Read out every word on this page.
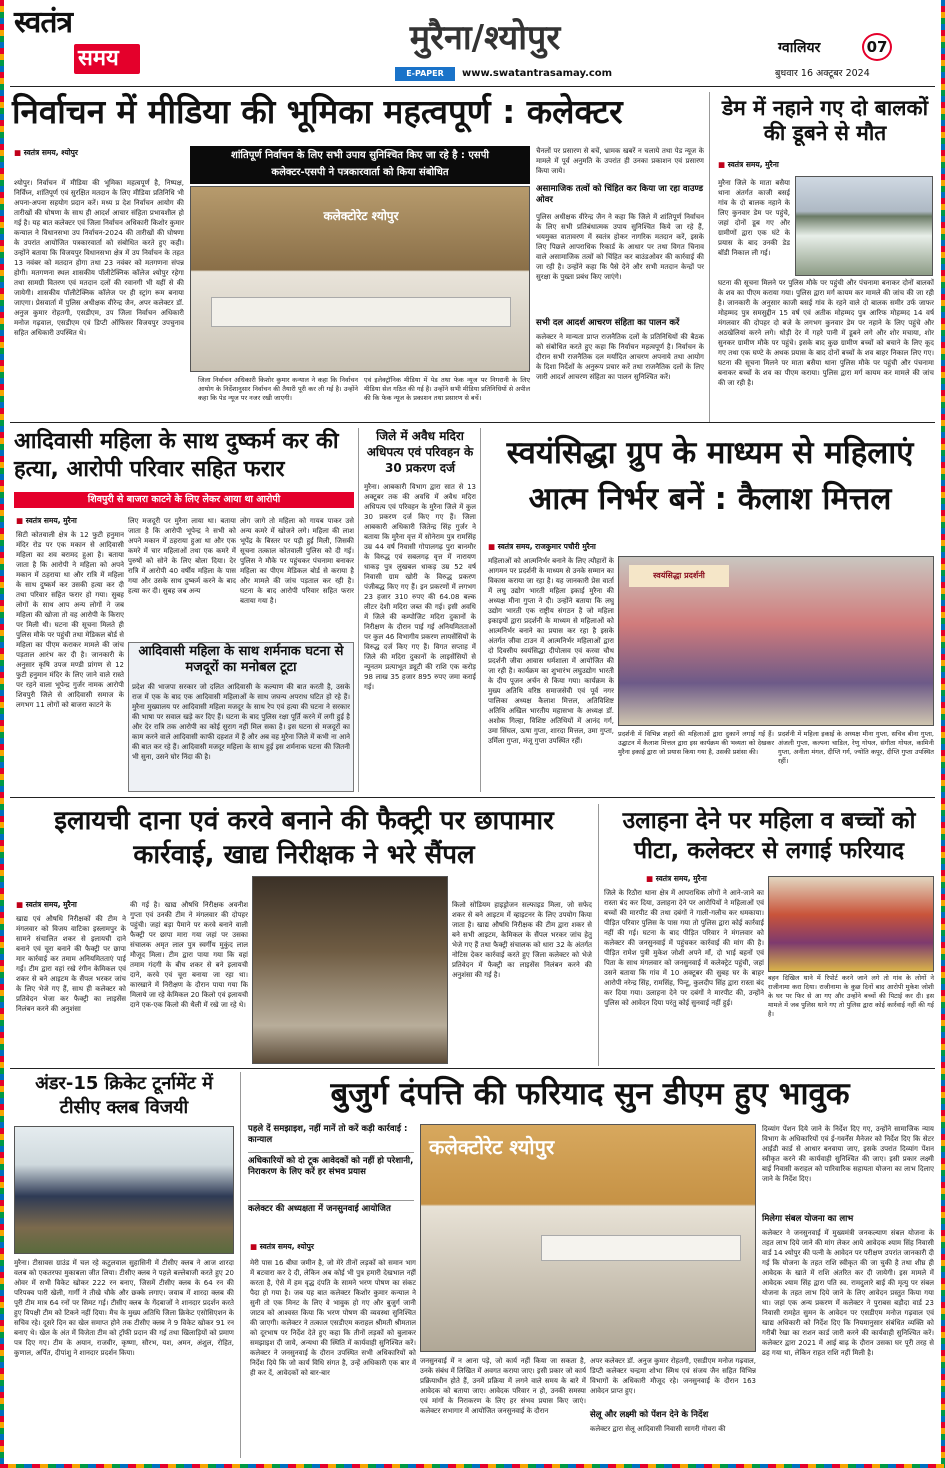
स्वतंत्र
समय
मुरैना/श्योपुर
E-PAPER	www.swatantrasamay.com
ग्वालियर	07
बुधवार 16 अक्टूबर 2024
निर्वाचन में मीडिया की भूमिका महत्वपूर्ण : कलेक्टर
■ स्वतंत्र समय, श्योपुर
श्योपुर। निर्वाचन में मीडिया की भूमिका महत्वपूर्ण है, निष्पक्ष, निर्विघ्न, शांतिपूर्ण एवं सुरक्षित मतदान के लिए मीडिया प्रतिनिधि भी अपना-अपना सहयोग प्रदान करें। मध्य प्र देश निर्वाचन आयोग की तारीखों की घोषणा के साथ ही आदर्श आचार संहिता प्रभावशील हो गई है। यह बात कलेक्टर एवं जिला निर्वाचन अधिकारी किशोर कुमार कन्याल ने विधानसभा उप निर्वाचन-2024 की तारीखों की घोषणा के उपरांत आयोजित पत्रकारवार्ता को संबोधित करते हुए कही। उन्होंने बताया कि विजयपुर विधानसभा क्षेत्र में उप निर्वाचन के तहत 13 नवंबर को मतदान होगा तथा 23 नवंबर को मतगणना संपन्न होगी। मतगणना स्थल शासकीय पॉलीटेक्निक कॉलेज श्योपुर रहेगा तथा सामग्री वितरण एवं मतदान दलों की रवानगी भी यहीं से की जायेगी। शासकीय पॉलीटेक्निक कॉलेज पर ही स्ट्रांग रूम बनाया जाएगा। प्रेसवार्ता में पुलिस अधीक्षक वीरेन्द्र जैन, अपर कलेक्टर डॉ. अनुज कुमार रोहतगी, एसडीएम, उप जिला निर्वाचन अधिकारी मनोज गढ़वाल, एसडीएम एवं डिप्टी ऑफिसर विजयपुर उपचुनाव सहित अधिकारी उपस्थित थे।
शांतिपूर्ण निर्वाचन के लिए सभी उपाय सुनिश्चित किए जा रहे है : एसपी
कलेक्टर-एसपी ने पत्रकारवार्ता को किया संबोधित
कलेक्टोरेट श्योपुर
जिला निर्वाचन अधिकारी किशोर कुमार कन्याल ने कहा कि निर्वाचन आयोग के निर्देशानुसार निर्वाचन की तैयारी पूरी कर ली गई है। उन्होंने कहा कि पेड न्यूज पर नजर रखी जाएगी।
एवं इलेक्ट्रॉनिक मीडिया में पेड तथा फेक न्यूज पर निगरानी के लिए मीडिया सेल गठित की गई है। उन्होंने सभी मीडिया प्रतिनिधियों से अपील की कि फेक न्यूज के प्रकाशन तथा प्रसारण से बचें।
चैनलों पर प्रसारण से बचें, भ्रामक खबरें न चलाये तथा पेड न्यूज के मामले में पूर्व अनुमति के उपरांत ही उनका प्रकाशन एवं प्रसारण किया जाये।
असामाजिक तत्वों को चिंहित कर किया जा रहा वाउण्ड ओवर
पुलिस अधीक्षक वीरेन्द्र जैन ने कहा कि जिले में शांतिपूर्ण निर्वाचन के लिए सभी प्रतिबंधात्मक उपाय सुनिश्चित किये जा रहे हैं, भयमुक्त वातावरण में स्वतंत्र होकर नागरिक मतदान करें, इसके लिए पिछले आपराधिक रिकार्ड के आधार पर तथा विगत चिनाव वाले असामाजिक तत्वों को चिंहित कर बाउंडओवर की कार्रवाई की जा रही है। उन्होंने कहा कि पैसे देने और सभी मतदान केन्द्रों पर सुरक्षा के पुख्ता प्रबंध किए जाएंगे।
सभी दल आदर्श आचरण संहिता का पालन करें
कलेक्टर ने मान्यता प्राप्त राजनैतिक दलों के प्रतिनिधियों की बैठक को संबोधित करते हुए कहा कि निर्वाचन महत्वपूर्ण है। निर्वाचन के दौरान सभी राजनैतिक दल मर्यादित आचरण अपनाये तथा आयोग के दिशा निर्देशों के अनुरूप प्रचार करें तथा राजनैतिक दलों के लिए जारी आदर्श आचरण संहिता का पालन सुनिश्चित करें।
डेम में नहाने गए दो बालकों की डूबने से मौत
■ स्वतंत्र समय, मुरैना
मुरैना जिले के माता बसैया थाना अंतर्गत काजी बसई गांव के दो बालक नहाने के लिए कुनवार डेम पर पहुंचे, जहां दोनों डूब गए और ग्रामीणों द्वारा एक घंटे के प्रयास के बाद उनकी डेड बॉडी निकाल ली गई।
घटना की सूचना मिलने पर पुलिस मौके पर पहुंची और पंचनामा बनाकर दोनों बालकों के शव का पीएम कराया गया। पुलिस द्वारा मर्ग कायम कर मामले की जांच की जा रही है। जानकारी के अनुसार काजी बसई गांव के रहने वाले दो बालक समीर उर्फ जाफर मोहम्मद पुत्र समसुद्दीन 15 वर्ष एवं अतीक मोहम्मद पुत्र आरिफ मोहम्मद 14 वर्ष मंगलवार की दोपहर दो बजे के लगभग कुनवार डेम पर नहाने के लिए पहुंचे और अठखेलियां करने लगे। थोड़ी देर में गहरे पानी में डूबने लगे और शोर मचाया, शोर सुनकर ग्रामीण मौके पर पहुंचे। इसके बाद कुछ ग्रामीण बच्चों को बचाने के लिए कूद गए तथा एक घण्टे के अथक प्रयास के बाद दोनों बच्चों के शव बाहर निकाल लिए गए। घटना की सूचना मिलने पर माता बसैया थाना पुलिस मौके पर पहुंची और पंचनामा बनाकर बच्चों के शव का पीएम कराया। पुलिस द्वारा मर्ग कायम कर मामले की जांच की जा रही है।
आदिवासी महिला के साथ दुष्कर्म कर की हत्या, आरोपी परिवार सहित फरार
शिवपुरी से बाजरा काटने के लिए लेकर आया था आरोपी
■ स्वतंत्र समय, मुरैना
सिटी कोतवाली क्षेत्र के 12 फुटी हनुमान मंदिर रोड पर एक मकान से आदिवासी महिला का शव बरामद हुआ है। बताया जाता है कि आरोपी ने महिला को अपने मकान में ठहराया था और रात्रि में महिला के साथ दुष्कर्म कर उसकी हत्या कर दी तथा परिवार सहित फरार हो गया। सुबह लोगों के साथ आप अन्य लोगों ने जब महिला की खोजा तो वह आरोपी के किराए पर मिली थी। घटना की सूचना मिलते ही पुलिस मौके पर पहुंची तथा मेडिकल बोर्ड से महिला का पीएम कराकर मामले की जांच पड़ताल आरंभ कर दी है। जानकारी के अनुसार कृषि उपज मण्डी प्रांगण से 12 फुटी हनुमान मंदिर के लिए जाने वाले रास्ते पर रहने वाला भूपेन्द्र गुर्जर नामक आरोपी शिवपुरी जिले से आदिवासी समाज के लगभग 11 लोगों को बाजरा काटने के
लिए मजदूरी पर मुरैना लाया था। बताया जाता है कि आरोपी भूपेन्द्र ने सभी को अपने मकान में ठहराया हुआ था और एक कमरे में चार महिलाओं तथा एक कमरे में पुरुषों को सोने के लिए बोला दिया। देर रात्रि में आरोपी 40 वर्षीय महिला के पास गया और उसके साथ दुष्कर्म करने के बाद हत्या कर दी। सुबह जब अन्य
लोग जागे तो महिला को गायब पाकर उसे अन्य कमरे में खोजने लगे। महिला की लाश भूपेंद्र के बिस्तर पर पड़ी हुई मिली, जिसकी सूचना तत्काल कोतवाली पुलिस को दी गई। पुलिस ने मौके पर पहुंचकर पंचनामा बनाकर महिला का पीएम मेडिकल बोर्ड से कराया है और मामले की जांच पड़ताल कर रही है। घटना के बाद आरोपी परिवार सहित फरार बताया गया है।
आदिवासी महिला के साथ शर्मनाक घटना से मजदूरों का मनोबल टूटा
प्रदेश की भाजपा सरकार जो दलित आदिवासी के कल्याण की बात करती है, उसके राज में एक के बाद एक आदिवासी महिलाओं के साथ जघन्य अपराध घटित हो रहे हैं। मुरैना मुख्यालय पर आदिवासी महिला मजदूर के साथ रेप एवं हत्या की घटना ने सरकार की भाषा पर सवाल खड़े कर दिए हैं। घटना के बाद पुलिस रक्षा पूर्ति करने में लगी हुई है और देर रात्रि तक आरोपी का कोई सुराग नहीं मिल सका है। इस घटना से मजदूरों का काम करने वाले आदिवासी काफी दहशत में हैं और अब वह मुरैना जिले में कभी ना आने की बात कर रहे हैं। आदिवासी मजदूर महिला के साथ हुई इस शर्मनाक घटना की जितनी भी सुना, उसने घोर निंदा की है।
जिले में अवैध मदिरा अधिपत्य एवं परिवहन के 30 प्रकरण दर्ज
मुरैना। आबकारी विभाग द्वारा सात से 13 अक्टूबर तक की अवधि में अवैध मदिरा अधिपत्य एवं परिवहन के मुरैना जिले में कुल 30 प्रकरण दर्ज किए गए हैं। जिला आबकारी अधिकारी जितेन्द्र सिंह गुर्जर ने बताया कि मुरैना वृत्त में सोनेराम पुत्र रामसिंह उम्र 44 वर्ष निवासी गोपालगढ़ पुरा बानमौर के विरुद्ध एवं सबलगढ़ वृत्त में नारायण धाकड़ पुत्र लुखबल धाकड़ उम्र 52 वर्ष निवासी ग्राम खोरी के विरुद्ध प्रकरण पंजीबद्ध किए गए हैं। इन प्रकरणों में लगभग 23 हजार 310 रुपए की 64.08 बल्क लीटर देशी मदिरा जब्त की गई। इसी अवधि में जिले की कम्पोजिट मदिरा दुकानों के निरीक्षण के दौरान पाई गई अनियमितताओं पर कुल 46 विभागीय प्रकरण लायसेंसियों के विरुद्ध दर्ज किए गए हैं। विगत सप्ताह में जिले की मदिरा दुकानों के लाइसेंसियों से न्यूनतम प्रत्याभूत ड्यूटी की राशि एक करोड़ 98 लाख 35 हजार 895 रुपए जमा कराई गई।
स्वयंसिद्धा ग्रुप के माध्यम से महिलाएं आत्म निर्भर बनें : कैलाश मित्तल
■ स्वतंत्र समय, राजकुमार पचौरी मुरैना
महिलाओं को आत्मनिर्भर बनाने के लिए त्यौहारों के आगमन पर प्रदर्शनी के माध्यम से उनके सम्मान का विकास कराया जा रहा है। यह जानकारी प्रेस वार्ता में लघु उद्योग भारती महिला इकाई मुरैना की अध्यक्ष मीना गुप्ता ने दी। उन्होंने बताया कि लघु उद्योग भारती एक राष्ट्रीय संगठन है जो महिला इकाइयों द्वारा प्रदर्शनी के माध्यम से महिलाओं को आत्मनिर्भर बनाने का प्रयास कर रहा है इसके अंतर्गत जीवा टाउन में आत्मनिर्भर महिलाओं द्वारा दो दिवसीय स्वयंसिद्धा दीपोत्सव एवं करवा चौथ प्रदर्शनी जीवा आवास धर्मशाला में आयोजित की जा रही है। कार्यक्रम का शुभारंभ लघुउद्योग भारती के दीप पूजन अर्चन से किया गया। कार्यक्रम के मुख्य अतिथि वरिष्ठ समाजसेवी एवं पूर्व नगर पालिका अध्यक्ष कैलाश मित्तल, अतिविशिष्ट अतिथि अखिल भारतीय महासभा के अध्यक्ष डॉ. अशोक गिल्हा, विशिष्ट अतिथियों में आनंद गर्ग, उमा सिंघल, ऊषा गुप्ता, शारदा मित्तल, उमा गुप्ता, उर्मिला गुप्ता, मंजू गुप्ता उपस्थित रहीं।
स्वयंसिद्धा प्रदर्शनी
प्रदर्शनी में विभिन्न शहरों की महिलाओं द्वारा दुकानें लगाई गई हैं। उद्घाटन में कैलाश मित्तल द्वारा इस कार्यक्रम की भव्यता को देखकर मुरैना इकाई द्वारा जो प्रयास किया गया है, उसकी प्रशंसा की।
प्रदर्शनी में महिला इकाई के अध्यक्ष मीना गुप्ता, सचिव बीना गुप्ता, अंजली गुप्ता, कल्पना चाडिल, रेणु गोयल, संगीता गोयल, कामिनी गुप्ता, अनीता मंगल, दीप्ति गर्ग, ज्योति कपूर, दीप्ति गुप्ता उपस्थित रहीं।
इलायची दाना एवं करवे बनाने की फैक्ट्री पर छापामार कार्रवाई, खाद्य निरीक्षक ने भरे सैंपल
■ स्वतंत्र समय, मुरैना
खाद्य एवं औषधि निरीक्षकों की टीम ने मंगलवार को विजय वाटिका इस्लामपुर के सामने संचालित शकर से इलायची दाने बनाने एवं चूरा बनाने की फैक्ट्री पर छापा मार कार्रवाई कर तमाम अनियमितताएं पाई गईं। टीम द्वारा वहां रखे रंगीन केमिकल एवं शकर से बने आइटम के सैंपल भरकर जांच के लिए भेजे गए हैं, साथ ही कलेक्टर को प्रतिवेदन भेजा कर फैक्ट्री का लाइसेंस निलंबन करने की अनुशंसा
की गई है। खाद्य औषधि निरीक्षक अवनीश गुप्ता एवं उनकी टीम ने मंगलवार की दोपहर पहुंची। जहां बड़ा पैमाने पर करवे बनाने वाली फैक्ट्री पर छापा मारा गया जहां पर उसका संचालक अमृत लाल पुत्र स्वर्गीय मुकुंद लाल मौजूद मिला। टीम द्वारा पाया गया कि वहां तमाम गंदगी के बीच शकर से बने इलायची दाने, करवे एवं चूरा बनाया जा रहा था। कारखाने में निरीक्षण के दौरान पाया गया कि मिलाये जा रहे केमिकल 20 किलो एवं इलायची दाने एक-एक किलो की थैली में रखे जा रहे थे।
किलो सोडियम हाइड्रोजन सल्फाइड मिला, जो सफेद शकर से बने आइटम में व्हाइटनर के लिए उपयोग किया जाता है। खाद्य औषधि निरीक्षक की टीम द्वारा शकर से बने सभी आइटम, केमिकल के सैंपल भरकर जांच हेतु भेजे गए हैं तथा फैक्ट्री संचालक को धारा 32 के अंतर्गत नोटिस देकर कार्रवाई करते हुए जिला कलेक्टर को भेजे प्रतिवेदन में फैक्ट्री का लाइसेंस निलंबन करने की अनुशंसा की गई है।
उलाहना देने पर महिला व बच्चों को पीटा, कलेक्टर से लगाई फरियाद
■ स्वतंत्र समय, मुरैना
जिले के रिठौरा थाना क्षेत्र में आपराधिक लोगों ने आने-जाने का रास्ता बंद कर दिया, उलाहना देने पर आरोपियों ने महिलाओं एवं बच्चों की मारपीट की तथा दबंगों ने गाली-गलौच कर धमकाया। पीड़ित परिवार पुलिस के पास गया तो पुलिस द्वारा कोई कार्रवाई नहीं की गई। घटना के बाद पीड़ित परिवार ने मंगलवार को कलेक्टर की जनसुनवाई में पहुंचकर कार्रवाई की मांग की है। पीड़ित रामेश पुत्री मुकेश जोशी अपने माँ, दो भाई बहनों एवं पिता के साथ मंगलवार को जनसुनवाई में कलेक्ट्रेट पहुंची, जहां उसने बताया कि गांव में 10 अक्टूबर की सुबह घर के बाहर आरोपी नरेन्द्र सिंह, रामसिंह, पिन्टू, कुलदीप सिंह द्वारा रास्ता बंद कर दिया गया। उलाहना देने पर दबंगों ने मारपीट की, उन्होंने पुलिस को आवेदन दिया परंतु कोई सुनवाई नहीं हुई।
बहन दिखिल थाने में रिपोर्ट करने जाने लगे तो गांव के लोगों ने राजीनामा करा दिया। राजीनामा के कुछ दिनों बाद आरोपी मुकेश जोशी के घर पर फिर से आ गए और उन्होंने बच्चों की पिटाई कर दी। इस मामले में जब पुलिस थाने गए तो पुलिस द्वारा कोई कार्रवाई नहीं की गई है।
अंडर-15 क्रिकेट टूर्नामेंट में टीसीए क्लब विजयी
मुरैना। टीसावस ग्राउंड में चल रहे कटुलवाल सुहासिनी में टीसीए क्लब ने आज शारदा वलब को एकतरफा मुकाबला जीत लिया। टीसीए क्लब ने पहले बल्लेबाजी करते हुए 20 ओवर में सभी विकेट खोकर 222 रन बनाए, जिसमें टीसीए क्लब के 64 रन की परिपक्व पारी खेली, गार्गी ने तीखे चौके और छक्के लगाए। जवाब में शारदा क्लब की पूरी टीम मात्र 64 रनों पर सिमट गई। टीसीए क्लब के गेंदबाजों ने शानदार प्रदर्शन करते हुए विपक्षी टीम को टिकने नहीं दिया। मैच के मुख्य अतिथि जिला क्रिकेट एसोसिएशन के सचिव रहे। दूसरे दिन का खेल समाप्त होने तक टीसीए क्लब ने 9 विकेट खोकर 91 रन बनाए थे। खेल के अंत में विजेता टीम को ट्रॉफी प्रदान की गई तथा खिलाड़ियों को प्रमाण पत्र दिए गए। टीम के अयान, राजवीर, कृष्णा, सौरभ, यश, अमन, अंशुल, रोहित, कुणाल, अर्पित, दीपांशु ने शानदार प्रदर्शन किया।
बुजुर्ग दंपत्ति की फरियाद सुन डीएम हुए भावुक
पहले दें समझाइश, नहीं मानें तो करें कड़ी कार्रवाई : कान्याल
अधिकारियों को दो टूक आवेदकों को नहीं हो परेशानी, निराकरण के लिए करें हर संभव प्रयास
कलेक्टर की अध्यक्षता में जनसुनवाई आयोजित
■ स्वतंत्र समय, श्योपुर
मेरी पास 16 बीघा जमीन है, जो मेरे तीनों लड़कों को समान भाग में बटवारा कर दे दी, लेकिन अब कोई भी पुत्र हमारी देखभाल नहीं करता है, ऐसे में हम वृद्ध दंपति के सामने भरण पोषण का संकट पैदा हो गया है। जब यह बात कलेक्टर किशोर कुमार कन्याल ने सुनी तो एक मिनट के लिए वे भावुक हो गए और बुजुर्ग जानी जाटव को आश्वस्त किया कि भरण पोषण की व्यवस्था सुनिश्चित की जाएगी। कलेक्टर ने तत्काल एसडीएम कराहल श्रीमती श्रीमताल को दूरभाष पर निर्देश देते हुए कहा कि तीनों लड़कों को बुलाकर समझाइश दी जाये, अन्यथा की स्थिति में कार्यवाही सुनिश्चित करें। कलेक्टर ने जनसुनवाई के दौरान उपस्थित सभी अधिकारियों को निर्देश दिये कि जो कार्य विधि संगत है, उन्हें अधिकारी एक बार में ही कर दें, आवेदकों को बार-बार
कलेक्टोरेट श्योपुर
जनसुनवाई में न आना पड़े, जो कार्य नहीं किया जा सकता है, उनके संबंध में लिखित में अवगत कराया जाए। इसी प्रकार जो कार्य प्रक्रियाधीन होते हैं, उनमें प्रक्रिया में लगने वाले समय के बारे में आवेदक को बताया जाए। आवेदक परिवार न हो, उनकी समस्या एवं मांगों के निराकरण के लिए हर संभव प्रयास किए जाएं। कलेक्टर सभागार में आयोजित जनसुनवाई के दौरान
अपर कलेक्टर डॉ. अनुज कुमार रोहतगी, एसडीएम मनोज गढ़वाल, डिप्टी कलेक्टर चन्द्रमा शोभा स्मिथ एवं संजय जैन सहित विभिन्न विभागों के अधिकारी मौजूद रहे। जनसुनवाई के दौरान 163 आवेदन प्राप्त हुए।
सेलू और लक्ष्मी को पेंशन देने के निर्देश
कलेक्टर द्वारा सेलू आदिवासी निवासी सागरी गोवरा की
दिव्यांग पेंशन दिये जाने के निर्देश दिए गए, उन्होंने सामाजिक न्याय विभाग के अधिकारियों एवं ई-गवर्नेंस मैनेजर को निर्देश दिए कि सेटर आईडी कार्ड से आधार बनवाया जाए, इसके उपरांत दिव्यांग पेंशन स्वीकृत करने की कार्यवाही सुनिश्चित की जाए। इसी प्रकार लक्ष्मी बाई निवासी कराहल को पारिवारिक सहायता योजना का लाभ दिलाए जाने के निर्देश दिए।
मिलेगा संबल योजना का लाभ
कलेक्टर ने जनसुनवाई में मुख्यमंत्री जनकल्याण संबल योजना के तहत लाभ दिये जाने की मांग लेकर आये आवेदक श्याम सिंह निवासी वार्ड 14 श्योपुर की पत्नी के आवेदन पर परीक्षण उपरांत जानकारी दी गई कि योजना के तहत राशि स्वीकृत की जा चुकी है तथा शीघ्र ही आवेदक के खाते में राशि अंतरित कर दी जायेगी। इस मामले में आवेदक श्याम सिंह द्वारा पति स्व. रामदुलारे बाई की मृत्यु पर संबल योजना के तहत लाभ दिये जाने के लिए आवेदन प्रस्तुत किया गया था। जहां एक अन्य प्रकरण में कलेक्टर ने पुराबस बड़ौदा वार्ड 23 निवासी रामहेत सुमन के आवेदन पर एसडीएम मनोज गढ़वाल एवं खाद्य अधिकारी को निर्देश दिए कि नियमानुसार संबंधित व्यक्ति को गरीबी रेखा का राशन कार्ड जारी करने की कार्यवाही सुनिश्चित करें। कलेक्टर द्वारा 2021 में आई बाढ़ के दौरान उसका घर पूरी तरह से ढह गया था, लेकिन राहत राशि नहीं मिली है।
